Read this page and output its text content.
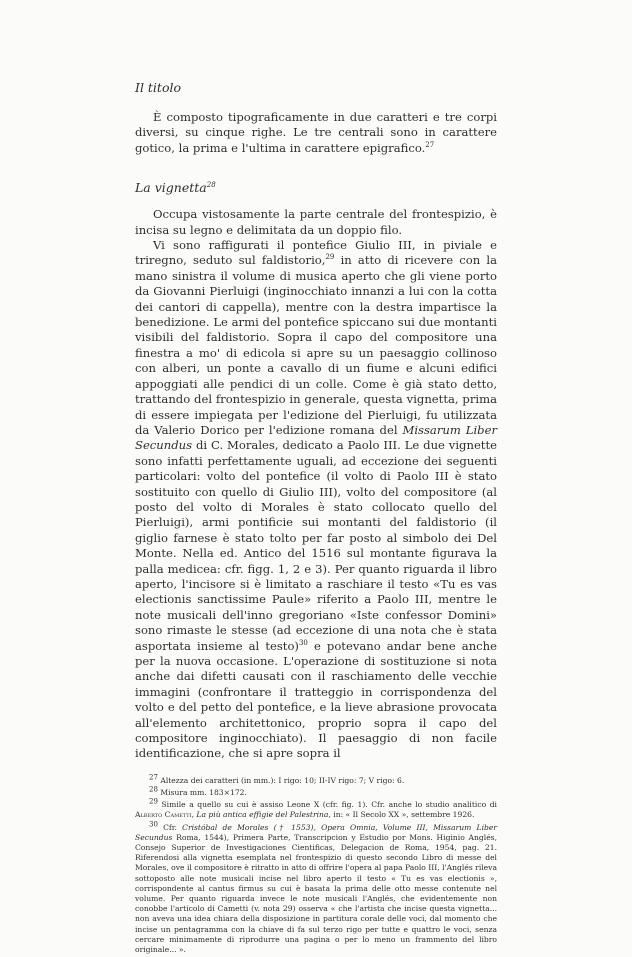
Il titolo

È composto tipograficamente in due caratteri e tre corpi diversi, su cinque righe. Le tre centrali sono in carattere gotico, la prima e l'ultima in carattere epigrafico.$^{27}$

La vignetta$^{28}$

Occupa vistosamente la parte centrale del frontespizio, è incisa su legno e delimitata da un doppio filo.

Vi sono raffigurati il pontefice Giulio III, in piviale e triregno, seduto sul faldistorio,$^{29}$ in atto di ricevere con la mano sinistra il volume di musica aperto che gli viene porto da Giovanni Pierluigi (inginocchiato innanzi a lui con la cotta dei cantori di cappella), mentre con la destra impartisce la benedizione. Le armi del pontefice spiccano sui due montanti visibili del faldistorio. Sopra il capo del compositore una finestra a mo' di edicola si apre su un paesaggio collinoso con alberi, un ponte a cavallo di un fiume e alcuni edifici appoggiati alle pendici di un colle. Come è già stato detto, trattando del frontespizio in generale, questa vignetta, prima di essere impiegata per l'edizione del Pierluigi, fu utilizzata da Valerio Dorico per l'edizione romana del Missarum Liber Secundus di C. Morales, dedicato a Paolo III. Le due vignette sono infatti perfettamente uguali, ad eccezione dei seguenti particolari: volto del pontefice (il volto di Paolo III è stato sostituito con quello di Giulio III), volto del compositore (al posto del volto di Morales è stato collocato quello del Pierluigi), armi pontificie sui montanti del faldistorio (il giglio farnese è stato tolto per far posto al simbolo dei Del Monte. Nella ed. Antico del 1516 sul montante figurava la palla medicea: cfr. figg. 1, 2 e 3). Per quanto riguarda il libro aperto, l'incisore si è limitato a raschiare il testo «Tu es vas electionis sanctissime Paule» riferito a Paolo III, mentre le note musicali dell'inno gregoriano «Iste confessor Domini» sono rimaste le stesse (ad eccezione di una nota che è stata asportata insieme al testo)$^{30}$ e potevano andar bene anche per la nuova occasione. L'operazione di sostituzione si nota anche dai difetti causati con il raschiamento delle vecchie immagini (confrontare il tratteggio in corrispondenza del volto e del petto del pontefice, e la lieve abrasione provocata all'elemento architettonico, proprio sopra il capo del compositore inginocchiato). Il paesaggio di non facile identificazione, che si apre sopra il

27 Altezza dei caratteri (in mm.): I rigo: 10; II-IV rigo: 7; V rigo: 6.

28 Misura mm. 183×172.

29 Simile a quello su cui è assiso Leone X (cfr. fig. 1). Cfr. anche lo studio analitico di Alberto Cametti, La più antica effigie del Palestrina, in: « Il Secolo XX », settembre 1926.

30 Cfr. Cristóbal de Morales († 1553), Opera Omnia, Volume III, Missarum Liber Secundus Roma, 1544), Primera Parte, Transcripcion y Estudio por Mons. Higinio Anglés, Consejo Superior de Investigaciones Cientificas, Delegacion de Roma, 1954, pag. 21. Riferendosi alla vignetta esemplata nel frontespizio di questo secondo Libro di messe del Morales, ove il compositore è ritratto in atto di offrire l'opera al papa Paolo III, l'Anglés rileva sottoposto alle note musicali incise nel libro aperto il testo « Tu es vas electionis », corrispondente al cantus firmus su cui è basata la prima delle otto messe contenute nel volume. Per quanto riguarda invece le note musicali l'Anglés, che evidentemente non conobbe l'articolo di Cametti (v. nota 29) osserva « che l'artista che incise questa vignetta... non aveva una idea chiara della disposizione in partitura corale delle voci, dal momento che incise un pentagramma con la chiave di fa sul terzo rigo per tutte e quattro le voci, senza cercare minimamente di riprodurre una pagina o per lo meno un frammento del libro originale... ».
